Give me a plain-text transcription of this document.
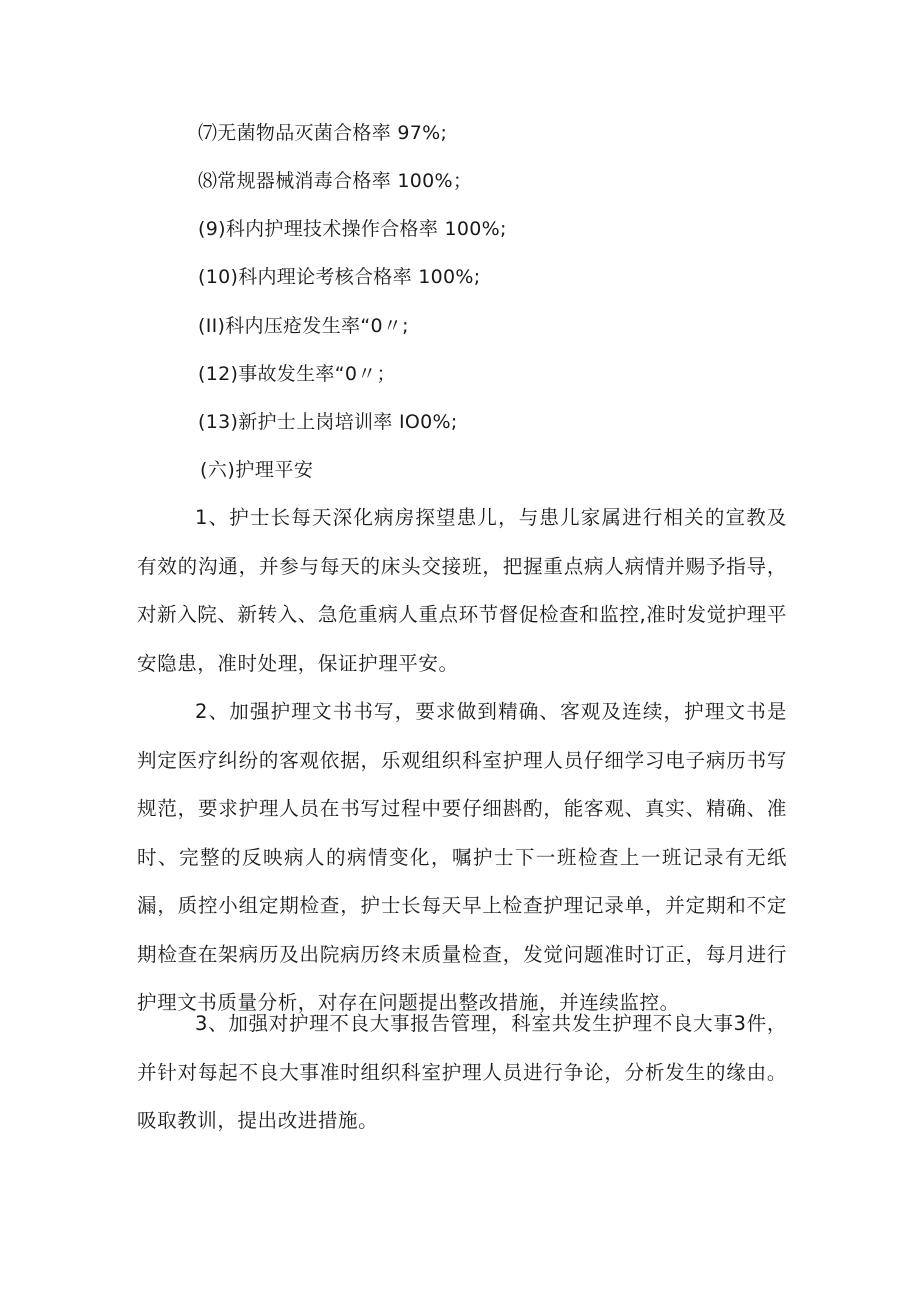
⑺无菌物品灭菌合格率 97%;
⑻常规器械消毒合格率 100%；
(9)科内护理技术操作合格率 100%;
(10)科内理论考核合格率 100%;
(II)科内压疮发生率“0〃;
(12)事故发生率“0〃；
(13)新护士上岗培训率 IO0%;
(六)护理平安

1、护士长每天深化病房探望患儿，与患儿家属进行相关的宣教及有效的沟通，并参与每天的床头交接班，把握重点病人病情并赐予指导，对新入院、新转入、急危重病人重点环节督促检查和监控,准时发觉护理平安隐患，准时处理，保证护理平安。

2、加强护理文书书写，要求做到精确、客观及连续，护理文书是判定医疗纠纷的客观依据，乐观组织科室护理人员仔细学习电子病历书写规范，要求护理人员在书写过程中要仔细斟酌，能客观、真实、精确、准时、完整的反映病人的病情变化，嘱护士下一班检查上一班记录有无纸漏，质控小组定期检查，护士长每天早上检查护理记录单，并定期和不定期检查在架病历及出院病历终末质量检查，发觉问题准时订正，每月进行护理文书质量分析，对存在问题提出整改措施，并连续监控。

3、加强对护理不良大事报告管理，科室共发生护理不良大事3件，并针对每起不良大事准时组织科室护理人员进行争论，分析发生的缘由。吸取教训，提出改进措施。
